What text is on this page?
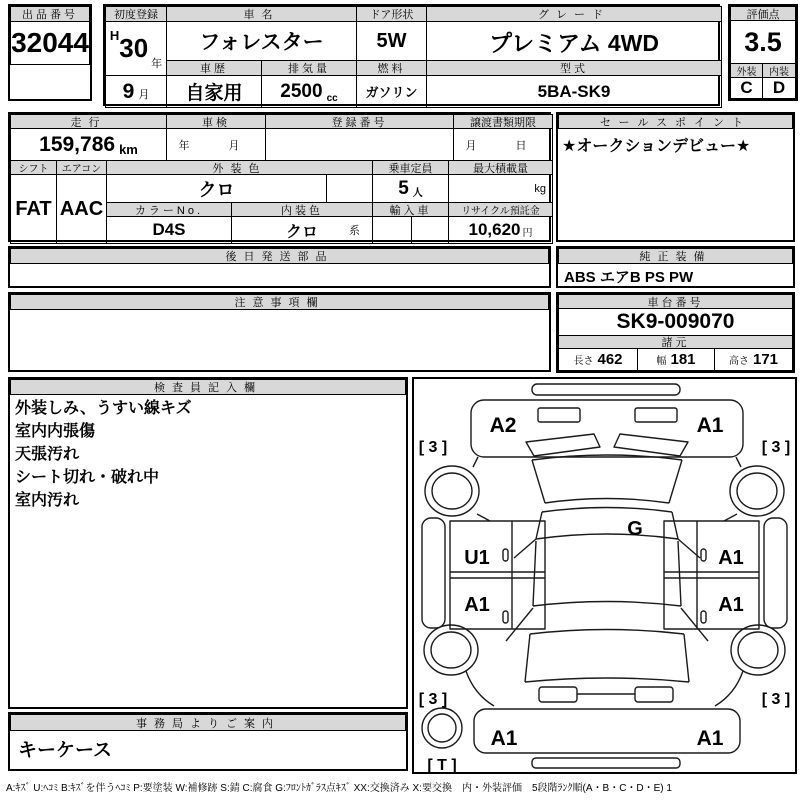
出品番号
32044
初度登録
H 30
年
9 月
車名
フォレスター
車歴
自家用
排気量
2500 cc
ドア形状
5W
燃料
ガソリン
グレード
プレミアム 4WD
型式
5BA-SK9
評価点
3.5
外装	内装
C	D
走行
159,786 km
車検
年　月
登録番号	譲渡書類期限
月　日
シフト
FAT
エアコン
AAC
外装色
クロ
カラーNo.
D4S
内装色
クロ	系
乗車定員
5 人
輸入車
最大積載量
kg
リサイクル預託金
10,620 円
セールスポイント
★オークションデビュー★
後日発送部品	純正装備
ABS エアB PS PW
注意事項欄	車台番号
SK9-009070
諸元
長さ 462	幅 181	高さ 171
検査員記入欄
外装しみ、うすい線キズ
室内内張傷
天張汚れ
シート切れ・破れ中
室内汚れ
事務局よりご案内
キーケース
A2	A1
[ 3 ]	[ 3 ]
G
U1	A1
A1	A1
[ 3 ]	[ 3 ]
A1	A1
[ T ]
A:ｷｽﾞ U:ﾍｺﾐ B:ｷｽﾞを伴うﾍｺﾐ P:要塗装 W:補修跡 S:錆 C:腐食 G:ﾌﾛﾝﾄｶﾞﾗｽ点ｷｽﾞ XX:交換済み X:要交換　内・外装評価　5段階ﾗﾝｸ順(A・B・C・D・E) 1
